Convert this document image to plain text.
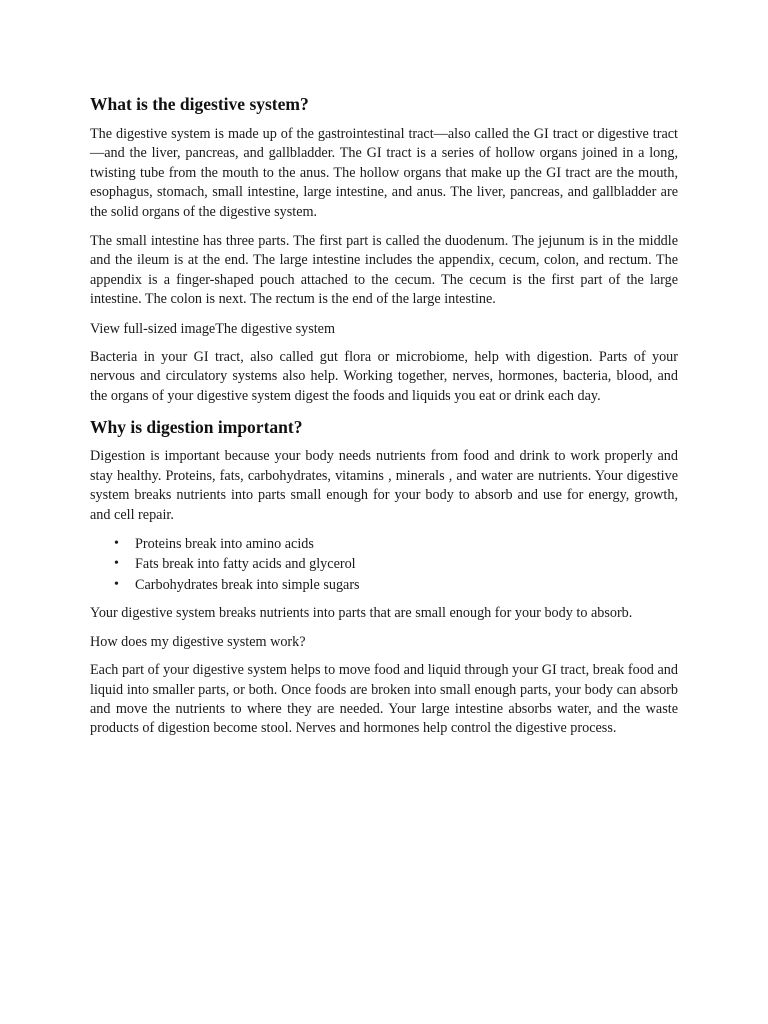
What is the digestive system?

The digestive system is made up of the gastrointestinal tract—also called the GI tract or digestive tract—and the liver, pancreas, and gallbladder. The GI tract is a series of hollow organs joined in a long, twisting tube from the mouth to the anus. The hollow organs that make up the GI tract are the mouth, esophagus, stomach, small intestine, large intestine, and anus. The liver, pancreas, and gallbladder are the solid organs of the digestive system.

The small intestine has three parts. The first part is called the duodenum. The jejunum is in the middle and the ileum is at the end. The large intestine includes the appendix, cecum, colon, and rectum. The appendix is a finger-shaped pouch attached to the cecum. The cecum is the first part of the large intestine. The colon is next. The rectum is the end of the large intestine.

View full-sized imageThe digestive system

Bacteria in your GI tract, also called gut flora or microbiome, help with digestion. Parts of your nervous and circulatory systems also help. Working together, nerves, hormones, bacteria, blood, and the organs of your digestive system digest the foods and liquids you eat or drink each day.

Why is digestion important?

Digestion is important because your body needs nutrients from food and drink to work properly and stay healthy. Proteins, fats, carbohydrates, vitamins , minerals , and water are nutrients. Your digestive system breaks nutrients into parts small enough for your body to absorb and use for energy, growth, and cell repair.

• Proteins break into amino acids
• Fats break into fatty acids and glycerol
• Carbohydrates break into simple sugars

Your digestive system breaks nutrients into parts that are small enough for your body to absorb.

How does my digestive system work?

Each part of your digestive system helps to move food and liquid through your GI tract, break food and liquid into smaller parts, or both. Once foods are broken into small enough parts, your body can absorb and move the nutrients to where they are needed. Your large intestine absorbs water, and the waste products of digestion become stool. Nerves and hormones help control the digestive process.
